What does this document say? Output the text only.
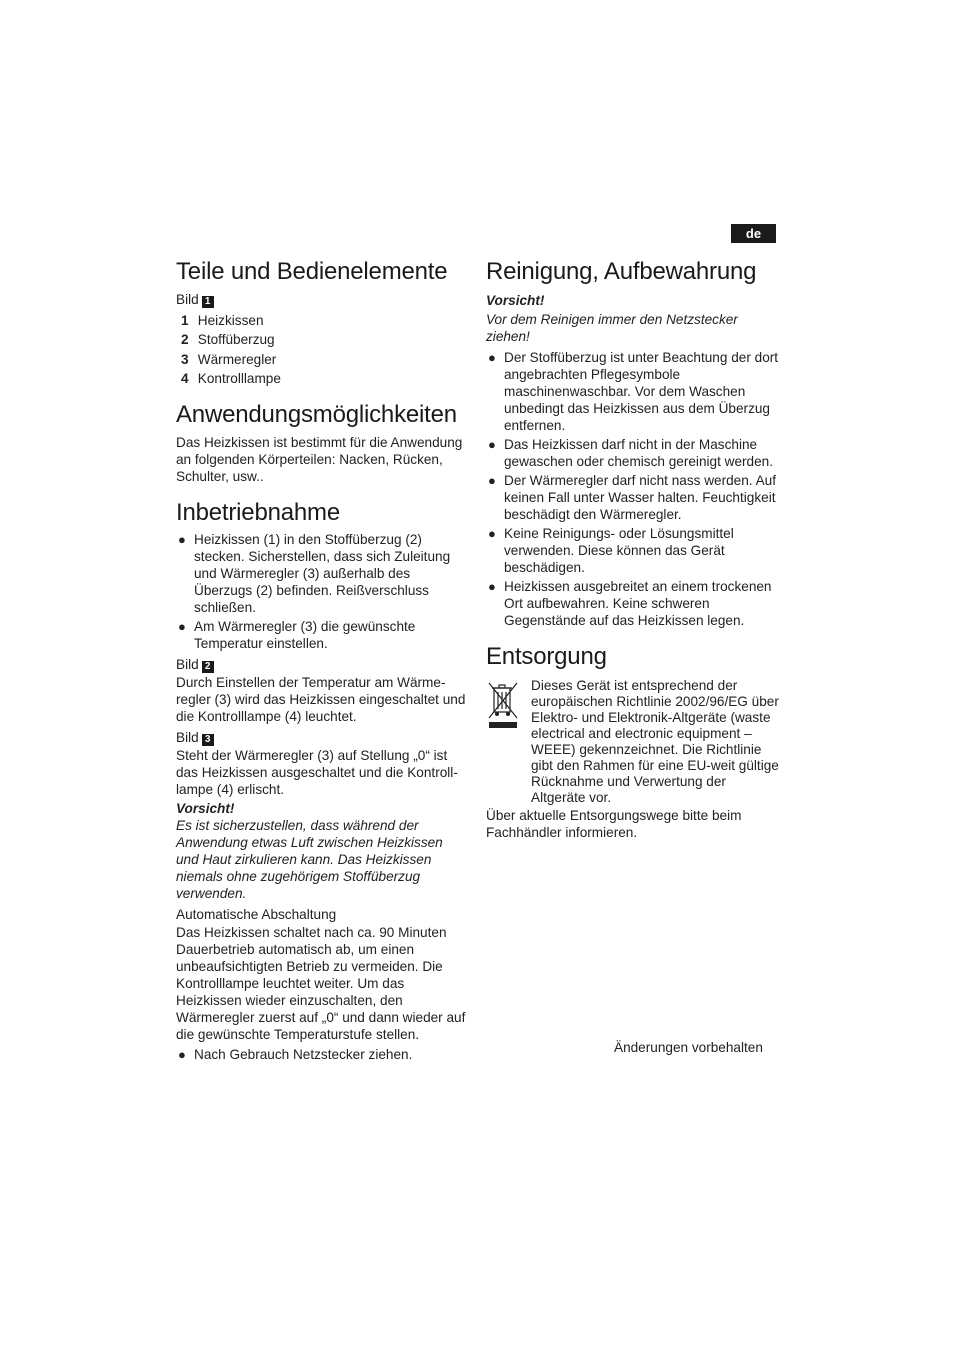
de
Teile und Bedienelemente
Bild 1
1 Heizkissen
2 Stoffüberzug
3 Wärmeregler
4 Kontrolllampe
Anwendungsmöglichkeiten

Das Heizkissen ist bestimmt für die Anwendung an folgenden Körperteilen: Nacken, Rücken, Schulter, usw..

Inbetriebnahme
● Heizkissen (1) in den Stoffüberzug (2) stecken. Sicherstellen, dass sich Zuleitung und Wärmeregler (3) außerhalb des Überzugs (2) befinden. Reißverschluss schließen.
● Am Wärmeregler (3) die gewünschte Temperatur einstellen.
Bild 2

Durch Einstellen der Temperatur am Wärmeregler (3) wird das Heizkissen eingeschaltet und die Kontrolllampe (4) leuchtet.

Bild 3

Steht der Wärmeregler (3) auf Stellung „0“ ist das Heizkissen ausgeschaltet und die Kontrolllampe (4) erlischt.

Vorsicht!

Es ist sicherzustellen, dass während der Anwendung etwas Luft zwischen Heizkissen und Haut zirkulieren kann. Das Heizkissen niemals ohne zugehörigem Stoffüberzug verwenden.

Automatische Abschaltung

Das Heizkissen schaltet nach ca. 90 Minuten Dauerbetrieb automatisch ab, um einen unbeaufsichtigten Betrieb zu vermeiden. Die Kontrolllampe leuchtet weiter. Um das Heizkissen wieder einzuschalten, den Wärmeregler zuerst auf „0“ und dann wieder auf die gewünschte Temperaturstufe stellen.

● Nach Gebrauch Netzstecker ziehen.
Reinigung, Aufbewahrung

Vorsicht!

Vor dem Reinigen immer den Netzstecker ziehen!

● Der Stoffüberzug ist unter Beachtung der dort angebrachten Pflegesymbole maschinenwaschbar. Vor dem Waschen unbedingt das Heizkissen aus dem Überzug entfernen.
● Das Heizkissen darf nicht in der Maschine gewaschen oder chemisch gereinigt werden.
● Der Wärmeregler darf nicht nass werden. Auf keinen Fall unter Wasser halten. Feuchtigkeit beschädigt den Wärmeregler.
● Keine Reinigungs- oder Lösungsmittel verwenden. Diese können das Gerät beschädigen.
● Heizkissen ausgebreitet an einem trockenen Ort aufbewahren. Keine schweren Gegenstände auf das Heizkissen legen.
Entsorgung

Dieses Gerät ist entsprechend der europäischen Richtlinie 2002/96/EG über Elektro- und Elektronik-Altgeräte (waste electrical and electronic equipment – WEEE) gekennzeichnet. Die Richtlinie gibt den Rahmen für eine EU-weit gültige Rücknahme und Verwertung der Altgeräte vor.

Über aktuelle Entsorgungswege bitte beim Fachhändler informieren.

Änderungen vorbehalten
